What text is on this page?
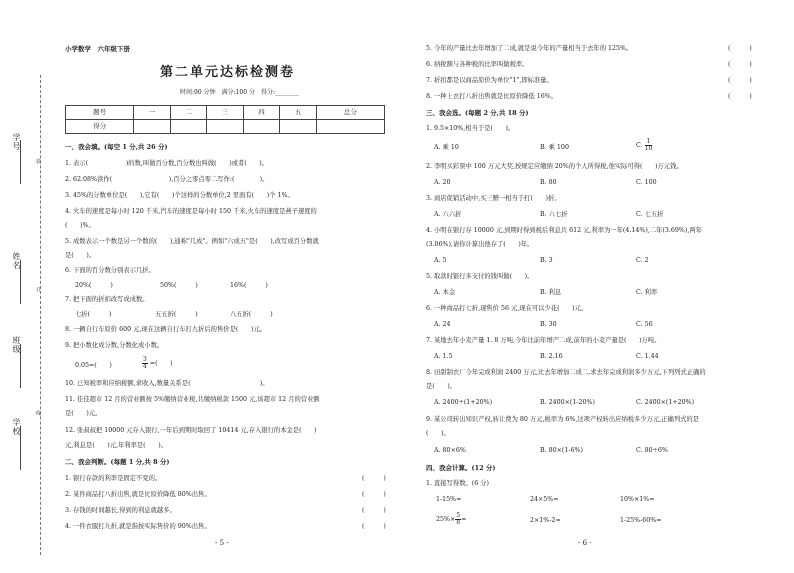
学号
姓名
班级
学校
装
订
线
小学数学　六年级下册
第二单元达标检测卷
时间:90 分钟　满分:100 分　得分:________
题号	一	二	三	四	五	总分
得分						
一、我会填。(每空 1 分,共 26 分)
1. 表示(　　　　　　)的数,叫做百分数,百分数也叫做(　　)或者(　　)。
2. 62.08%读作(　　　　　　　　　),百分之零点零二写作:(　　　　)。
3. 45%的分数单位是(　　),它有(　　)个这样的分数单位,2 里面有(　　)个 1%。
4. 火车的速度是每小时 120 千米,汽车的速度是每小时 150 千米,火车的速度是燕子速度的
(　　)%。
5. 成数表示一个数是另一个数的(　　),通称"几成"。例如"六成五"是(　　),改写成百分数就
是(　　)。
6. 下面的百分数分别表示几折。
20%(　　　)	50%(　　　)	16%(　　　)
7. 把下面的折扣改写成成数。
七折(　　　)	五五折(　　　)	八五折(　　　)
8. 一辆自行车原价 600 元,现在这辆自行车打九折后的售价是(　　)元。
9. 把小数化成分数,分数化成小数。
0.05=(　　)	$\frac{3}{4}$ =(　　)
10. 已知税率和应纳税额,求收入,数量关系是(　　　　　　　　　　　)。
11. 佳佳超市 12 月的营业额按 5%缴纳营业税,共缴纳税款 1500 元,该超市 12 月的营业额
是(　　)元。
12. 张叔叔把 10000 元存入银行,一年后到期时取回了 10414 元,存入银行的本金是(　　)
元,利息是(　　)元,年利率是(　　)。
二、我会判断。(每题 1 分,共 8 分)
1. 银行存款的利率是固定不变的。	(　　　)
2. 某件商品打八折出售,就是比原价降低 80%出售。	(　　　)
3. 存钱的时间越长,得到的利息就越多。	(　　　)
4. 一件衣服打九折,就是指按实际售价的 90%出售。	(　　　)
- 5 -
5. 今年的产量比去年增加了二成,就是说今年的产量相当于去年的 125%。	(　　　)
6. 纳税额与各种税的比率叫做税率。	(　　　)
7. 折扣都是以商品原价为单位"1",即标准量。	(　　　)
8. 一种上衣打八折出售就是比原价降低 16%。	(　　　)
三、我会选。(每题 2 分,共 18 分)
1. 9.5×10%,相当于是(　　)。
A. 乘 10	B. 乘 100	C. $\frac{1}{10}$
2. 李明买彩票中 100 万元大奖,按规定应缴纳 20%的个人所得税,他实际可得(　　)万元钱。
A. 20	B. 80	C. 100
3. 商店促销活动中,买三赠一相当于打(　　)折。
A. 六六折	B. 六七折	C. 七五折
4. 小明在银行存 10000 元,到期时得到税后利息共 612 元,利率为一年(4.14%),二年(3.69%),两年
(3.06%),请你计算出他存了(　　)年。
A. 5	B. 3	C. 2
5. 取款时银行多支付的钱叫做(　　)。
A. 本金	B. 利息	C. 利率
6. 一种商品打七折,现售价 56 元,现在可以少花(　　)元。
A. 24	B. 30	C. 56
7. 某地去年小麦产量 1. 8 万吨,今年比前年增产二成,前年的小麦产量是(　　)万吨。
A. 1.5	B. 2.16	C. 1.44
8. 田甜制衣厂今年完成利润 2400 万元,比去年增加二成二,求去年完成利润多少万元,下列列式正确的
是(　　)。
A. 2400÷(1+20%)	B. 2400×(1-20%)	C. 2400×(1+20%)
9. 某公司转出知识产权,转让费为 80 万元,税率为 6%,这项产权转出应纳税多少万元,正确列式的是
(　　)。
A. 80×6%	B. 80×(1-6%)	C. 80÷6%
四、我会计算。(12 分)
1. 直接写得数。(6 分)
1-15%=	24×5%=	10%×1%=
$25\%\times \frac{5}{8}$ =	2×1%-2=	1-25%-60%=
- 6 -
